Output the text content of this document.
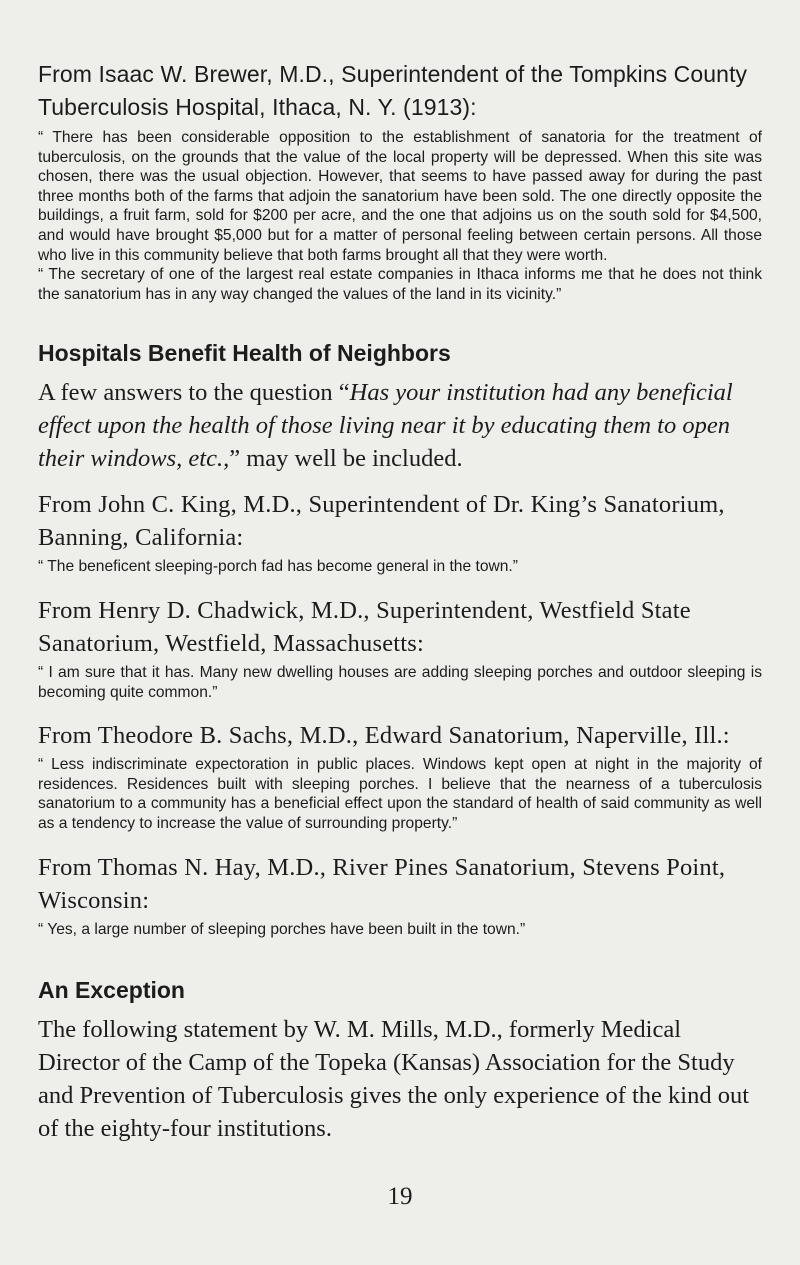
From Isaac W. Brewer, M.D., Superintendent of the Tompkins County Tuberculosis Hospital, Ithaca, N. Y. (1913):

“ There has been considerable opposition to the establishment of sanatoria for the treatment of tuberculosis, on the grounds that the value of the local property will be depressed. When this site was chosen, there was the usual objection. However, that seems to have passed away for during the past three months both of the farms that adjoin the sanatorium have been sold. The one directly opposite the buildings, a fruit farm, sold for $200 per acre, and the one that adjoins us on the south sold for $4,500, and would have brought $5,000 but for a matter of personal feeling between certain persons. All those who live in this community believe that both farms brought all that they were worth.

“ The secretary of one of the largest real estate companies in Ithaca informs me that he does not think the sanatorium has in any way changed the values of the land in its vicinity.”

Hospitals Benefit Health of Neighbors

A few answers to the question “Has your institution had any beneficial effect upon the health of those living near it by educating them to open their windows, etc.,” may well be included.

From John C. King, M.D., Superintendent of Dr. King’s Sanatorium, Banning, California:

“ The beneficent sleeping-porch fad has become general in the town.”

From Henry D. Chadwick, M.D., Superintendent, Westfield State Sanatorium, Westfield, Massachusetts:

“ I am sure that it has. Many new dwelling houses are adding sleeping porches and outdoor sleeping is becoming quite common.”

From Theodore B. Sachs, M.D., Edward Sanatorium, Naperville, Ill.:

“ Less indiscriminate expectoration in public places. Windows kept open at night in the majority of residences. Residences built with sleeping porches. I believe that the nearness of a tuberculosis sanatorium to a community has a beneficial effect upon the standard of health of said community as well as a tendency to increase the value of surrounding property.”

From Thomas N. Hay, M.D., River Pines Sanatorium, Stevens Point, Wisconsin:

“ Yes, a large number of sleeping porches have been built in the town.”

An Exception

The following statement by W. M. Mills, M.D., formerly Medical Director of the Camp of the Topeka (Kansas) Association for the Study and Prevention of Tuberculosis gives the only experience of the kind out of the eighty-four institutions.

19
